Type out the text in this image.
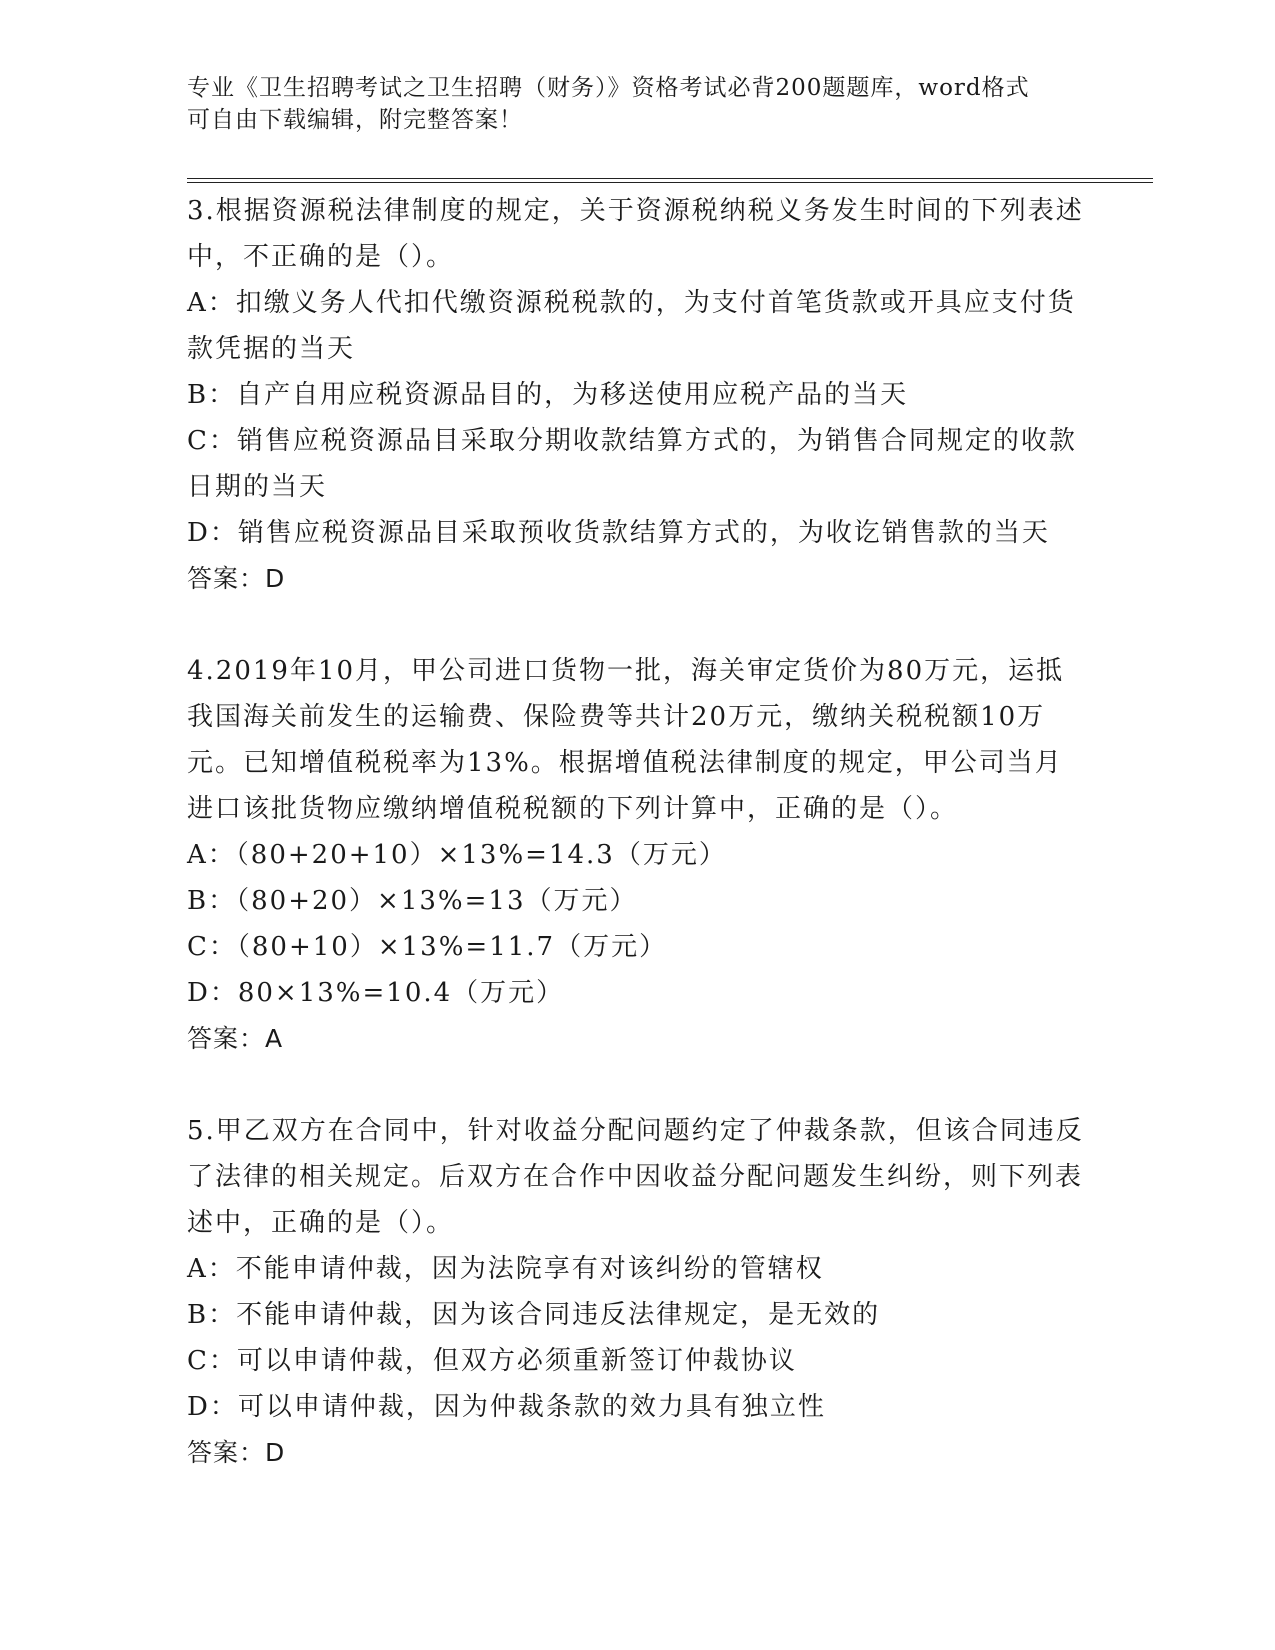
专业《卫生招聘考试之卫生招聘（财务）》资格考试必背200题题库，word格式
可自由下载编辑，附完整答案！

3.根据资源税法律制度的规定，关于资源税纳税义务发生时间的下列表述中，不正确的是（）。

A：扣缴义务人代扣代缴资源税税款的，为支付首笔货款或开具应支付货款凭据的当天

B：自产自用应税资源品目的，为移送使用应税产品的当天

C：销售应税资源品目采取分期收款结算方式的，为销售合同规定的收款日期的当天

D：销售应税资源品目采取预收货款结算方式的，为收讫销售款的当天

答案：D

4.2019年10月，甲公司进口货物一批，海关审定货价为80万元，运抵我国海关前发生的运输费、保险费等共计20万元，缴纳关税税额10万元。已知增值税税率为13%。根据增值税法律制度的规定，甲公司当月进口该批货物应缴纳增值税税额的下列计算中，正确的是（）。

A：（80+20+10）×13%=14.3（万元）

B：（80+20）×13%=13（万元）

C：（80+10）×13%=11.7（万元）

D：80×13%=10.4（万元）

答案：A

5.甲乙双方在合同中，针对收益分配问题约定了仲裁条款，但该合同违反了法律的相关规定。后双方在合作中因收益分配问题发生纠纷，则下列表述中，正确的是（）。

A：不能申请仲裁，因为法院享有对该纠纷的管辖权

B：不能申请仲裁，因为该合同违反法律规定，是无效的

C：可以申请仲裁，但双方必须重新签订仲裁协议

D：可以申请仲裁，因为仲裁条款的效力具有独立性

答案：D
